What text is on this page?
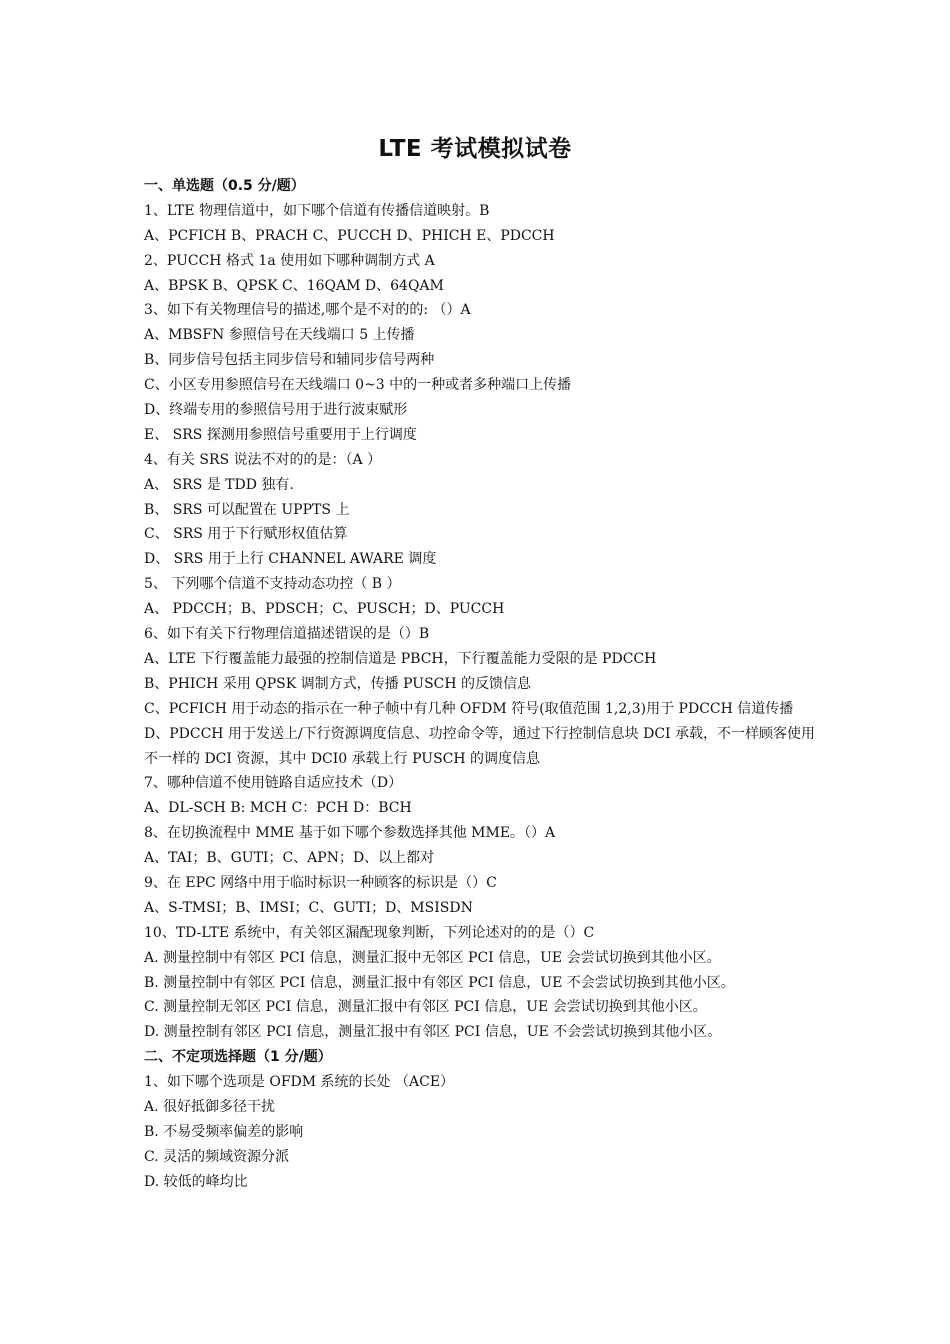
LTE 考试模拟试卷
一、单选题（0.5 分/题）
1、LTE 物理信道中，如下哪个信道有传播信道映射。B
A、PCFICH B、PRACH C、PUCCH D、PHICH E、PDCCH
2、PUCCH 格式 1a 使用如下哪种调制方式 A
A、BPSK B、QPSK C、16QAM D、64QAM
3、如下有关物理信号的描述,哪个是不对的的: （）A
A、MBSFN 参照信号在天线端口 5 上传播
B、同步信号包括主同步信号和辅同步信号两种
C、小区专用参照信号在天线端口 0~3 中的一种或者多种端口上传播
D、终端专用的参照信号用于进行波束赋形
E、 SRS 探测用参照信号重要用于上行调度
4、有关 SRS 说法不对的的是：（A ）
A、 SRS 是 TDD 独有.
B、 SRS 可以配置在 UPPTS 上
C、 SRS 用于下行赋形权值估算
D、 SRS 用于上行 CHANNEL AWARE 调度
5、 下列哪个信道不支持动态功控（ B ）
A、 PDCCH；B、PDSCH；C、PUSCH；D、PUCCH
6、如下有关下行物理信道描述错误的是（）B
A、LTE 下行覆盖能力最强的控制信道是 PBCH，下行覆盖能力受限的是 PDCCH
B、PHICH 采用 QPSK 调制方式，传播 PUSCH 的反馈信息
C、PCFICH 用于动态的指示在一种子帧中有几种 OFDM 符号(取值范围 1,2,3)用于 PDCCH 信道传播
D、PDCCH 用于发送上/下行资源调度信息、功控命令等，通过下行控制信息块 DCI 承载，不一样顾客使用不一样的 DCI 资源，其中 DCI0 承载上行 PUSCH 的调度信息
7、哪种信道不使用链路自适应技术（D）
A、DL-SCH B: MCH C：PCH D：BCH
8、在切换流程中 MME 基于如下哪个参数选择其他 MME。（）A
A、TAI；B、GUTI；C、APN；D、以上都对
9、在 EPC 网络中用于临时标识一种顾客的标识是（）C
A、S-TMSI；B、IMSI；C、GUTI；D、MSISDN
10、TD-LTE 系统中，有关邻区漏配现象判断，下列论述对的的是（）C
A. 测量控制中有邻区 PCI 信息，测量汇报中无邻区 PCI 信息，UE 会尝试切换到其他小区。
B. 测量控制中有邻区 PCI 信息，测量汇报中有邻区 PCI 信息，UE 不会尝试切换到其他小区。
C. 测量控制无邻区 PCI 信息，测量汇报中有邻区 PCI 信息，UE 会尝试切换到其他小区。
D. 测量控制有邻区 PCI 信息，测量汇报中有邻区 PCI 信息，UE 不会尝试切换到其他小区。
二、不定项选择题（1 分/题）
1、如下哪个选项是 OFDM 系统的长处 （ACE）
A. 很好抵御多径干扰
B. 不易受频率偏差的影响
C. 灵活的频域资源分派
D. 较低的峰均比
